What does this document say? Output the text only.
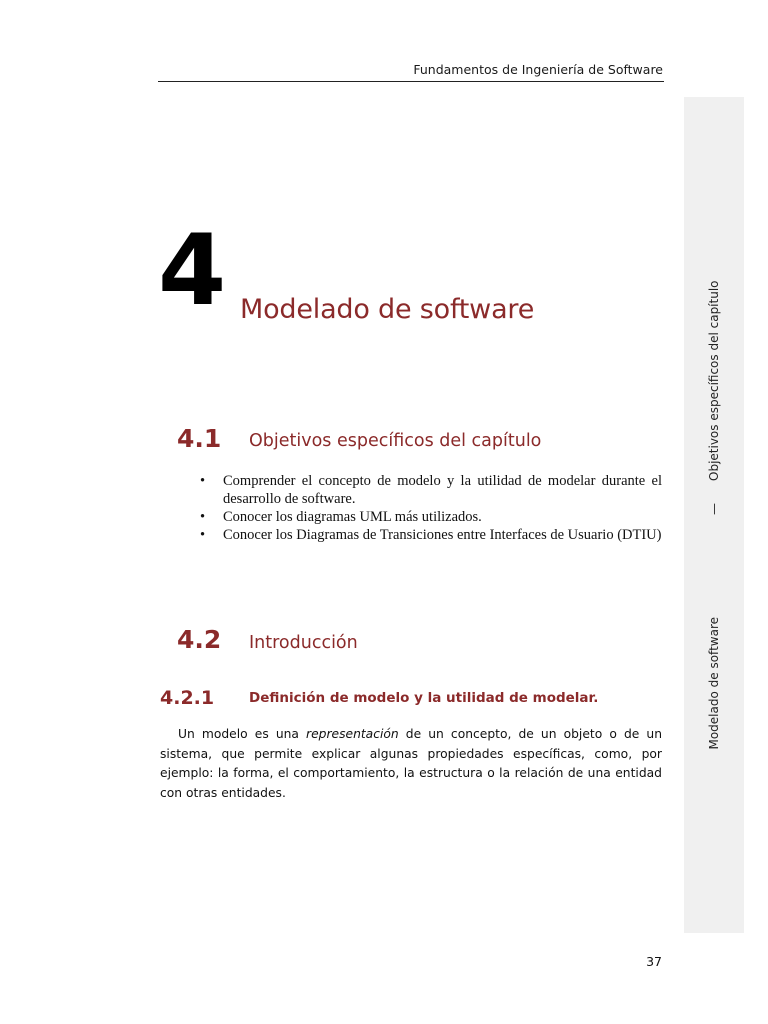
Fundamentos de Ingeniería de Software
Modelado de software—Objetivos específicos del capítulo
4 Modelado de software
4.1 Objetivos específicos del capítulo
• Comprender el concepto de modelo y la utilidad de modelar durante el desarrollo de software.
• Conocer los diagramas UML más utilizados.
• Conocer los Diagramas de Transiciones entre Interfaces de Usuario (DTIU)
4.2 Introducción
4.2.1	Definición de modelo y la utilidad de modelar.

Un modelo es una representación de un concepto, de un objeto o de un sistema, que permite explicar algunas propiedades específicas, como, por ejemplo: la forma, el comportamiento, la estructura o la relación de una entidad con otras entidades.

37
